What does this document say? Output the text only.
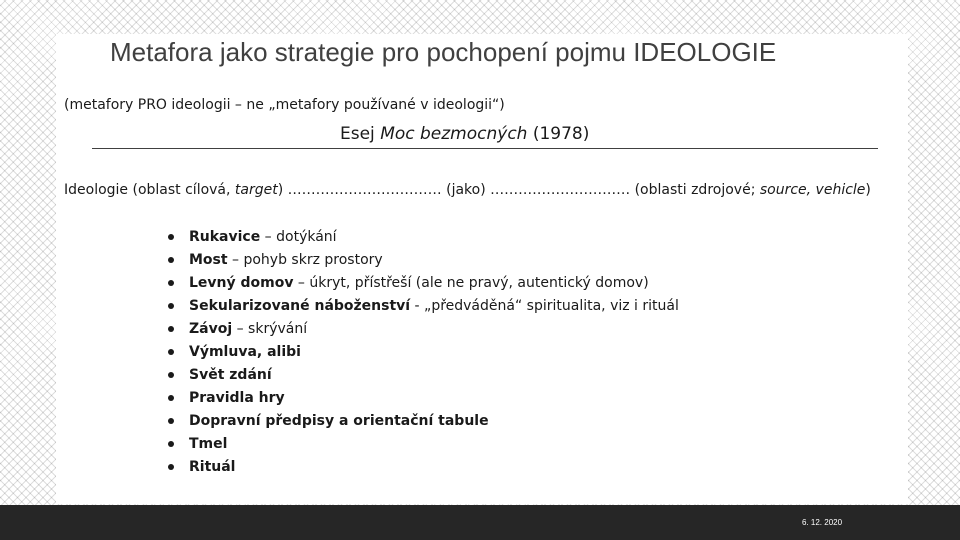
Metafora jako strategie pro pochopení pojmu IDEOLOGIE
(metafory PRO ideologii – ne „metafory používané v ideologii“)
Esej Moc bezmocných (1978)
Ideologie (oblast cílová, target) …………………………… (jako) ………………………… (oblasti zdrojové; source, vehicle)
Rukavice – dotýkání
Most – pohyb skrz prostory
Levný domov – úkryt, přístřeší (ale ne pravý, autentický domov)
Sekularizované náboženství - „předváděná“ spiritualita, viz i rituál
Závoj – skrývání
Výmluva, alibi
Svět zdání
Pravidla hry
Dopravní předpisy a orientační tabule
Tmel
Rituál
6. 12. 2020
